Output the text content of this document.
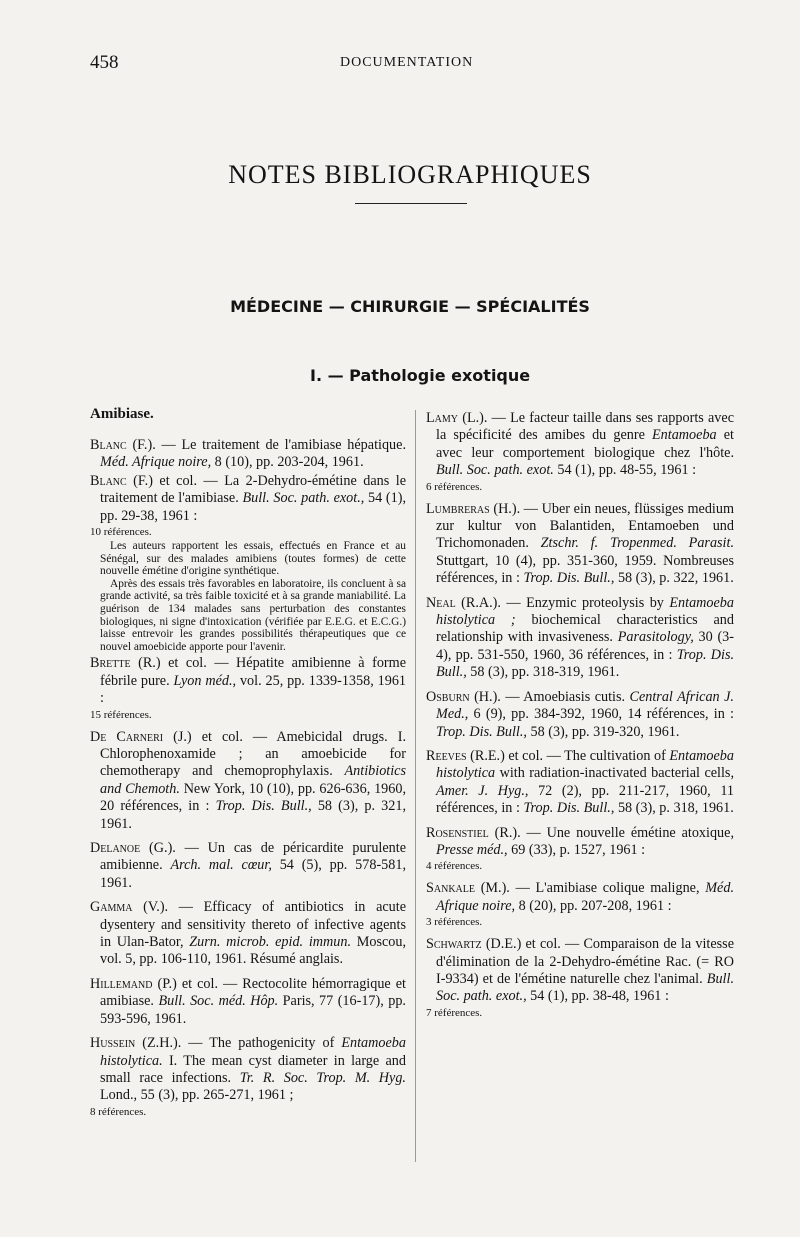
458	DOCUMENTATION
NOTES BIBLIOGRAPHIQUES
MÉDECINE — CHIRURGIE — SPÉCIALITÉS
I. — Pathologie exotique
Amibiase.

Blanc (F.). — Le traitement de l'amibiase hépatique. Méd. Afrique noire, 8 (10), pp. 203-204, 1961.

Blanc (F.) et col. — La 2-Dehydro-émétine dans le traitement de l'amibiase. Bull. Soc. path. exot., 54 (1), pp. 29-38, 1961 :
10 références.

Les auteurs rapportent les essais, effectués en France et au Sénégal, sur des malades amibiens (toutes formes) de cette nouvelle émétine d'origine synthétique.

Après des essais très favorables en laboratoire, ils concluent à sa grande activité, sa très faible toxicité et à sa grande maniabilité. La guérison de 134 malades sans perturbation des constantes biologiques, ni signe d'intoxication (vérifiée par E.E.G. et E.C.G.) laisse entrevoir les grandes possibilités thérapeutiques que ce nouvel amoebicide apporte pour l'avenir.

Brette (R.) et col. — Hépatite amibienne à forme fébrile pure. Lyon méd., vol. 25, pp. 1339-1358, 1961 :
15 références.

De Carneri (J.) et col. — Amebicidal drugs. I. Chlorophenoxamide ; an amoebicide for chemotherapy and chemoprophylaxis. Antibiotics and Chemoth. New York, 10 (10), pp. 626-636, 1960, 20 références, in : Trop. Dis. Bull., 58 (3), p. 321, 1961.

Delanoe (G.). — Un cas de péricardite purulente amibienne. Arch. mal. cœur, 54 (5), pp. 578-581, 1961.

Gamma (V.). — Efficacy of antibiotics in acute dysentery and sensitivity thereto of infective agents in Ulan-Bator, Zurn. microb. epid. immun. Moscou, vol. 5, pp. 106-110, 1961. Résumé anglais.

Hillemand (P.) et col. — Rectocolite hémorragique et amibiase. Bull. Soc. méd. Hôp. Paris, 77 (16-17), pp. 593-596, 1961.

Hussein (Z.H.). — The pathogenicity of Entamoeba histolytica. I. The mean cyst diameter in large and small race infections. Tr. R. Soc. Trop. M. Hyg. Lond., 55 (3), pp. 265-271, 1961 ;
8 références.

Lamy (L.). — Le facteur taille dans ses rapports avec la spécificité des amibes du genre Entamoeba et avec leur comportement biologique chez l'hôte. Bull. Soc. path. exot. 54 (1), pp. 48-55, 1961 :
6 références.

Lumbreras (H.). — Uber ein neues, flüssiges medium zur kultur von Balantiden, Entamoeben und Trichomonaden. Ztschr. f. Tropenmed. Parasit. Stuttgart, 10 (4), pp. 351-360, 1959. Nombreuses références, in : Trop. Dis. Bull., 58 (3), p. 322, 1961.

Neal (R.A.). — Enzymic proteolysis by Entamoeba histolytica ; biochemical characteristics and relationship with invasiveness. Parasitology, 30 (3-4), pp. 531-550, 1960, 36 références, in : Trop. Dis. Bull., 58 (3), pp. 318-319, 1961.

Osburn (H.). — Amoebiasis cutis. Central African J. Med., 6 (9), pp. 384-392, 1960, 14 références, in : Trop. Dis. Bull., 58 (3), pp. 319-320, 1961.

Reeves (R.E.) et col. — The cultivation of Entamoeba histolytica with radiation-inactivated bacterial cells, Amer. J. Hyg., 72 (2), pp. 211-217, 1960, 11 références, in : Trop. Dis. Bull., 58 (3), p. 318, 1961.

Rosenstiel (R.). — Une nouvelle émétine atoxique, Presse méd., 69 (33), p. 1527, 1961 :
4 références.

Sankale (M.). — L'amibiase colique maligne, Méd. Afrique noire, 8 (20), pp. 207-208, 1961 :
3 références.

Schwartz (D.E.) et col. — Comparaison de la vitesse d'élimination de la 2-Dehydro-émétine Rac. (= RO I-9334) et de l'émétine naturelle chez l'animal. Bull. Soc. path. exot., 54 (1), pp. 38-48, 1961 :
7 références.
